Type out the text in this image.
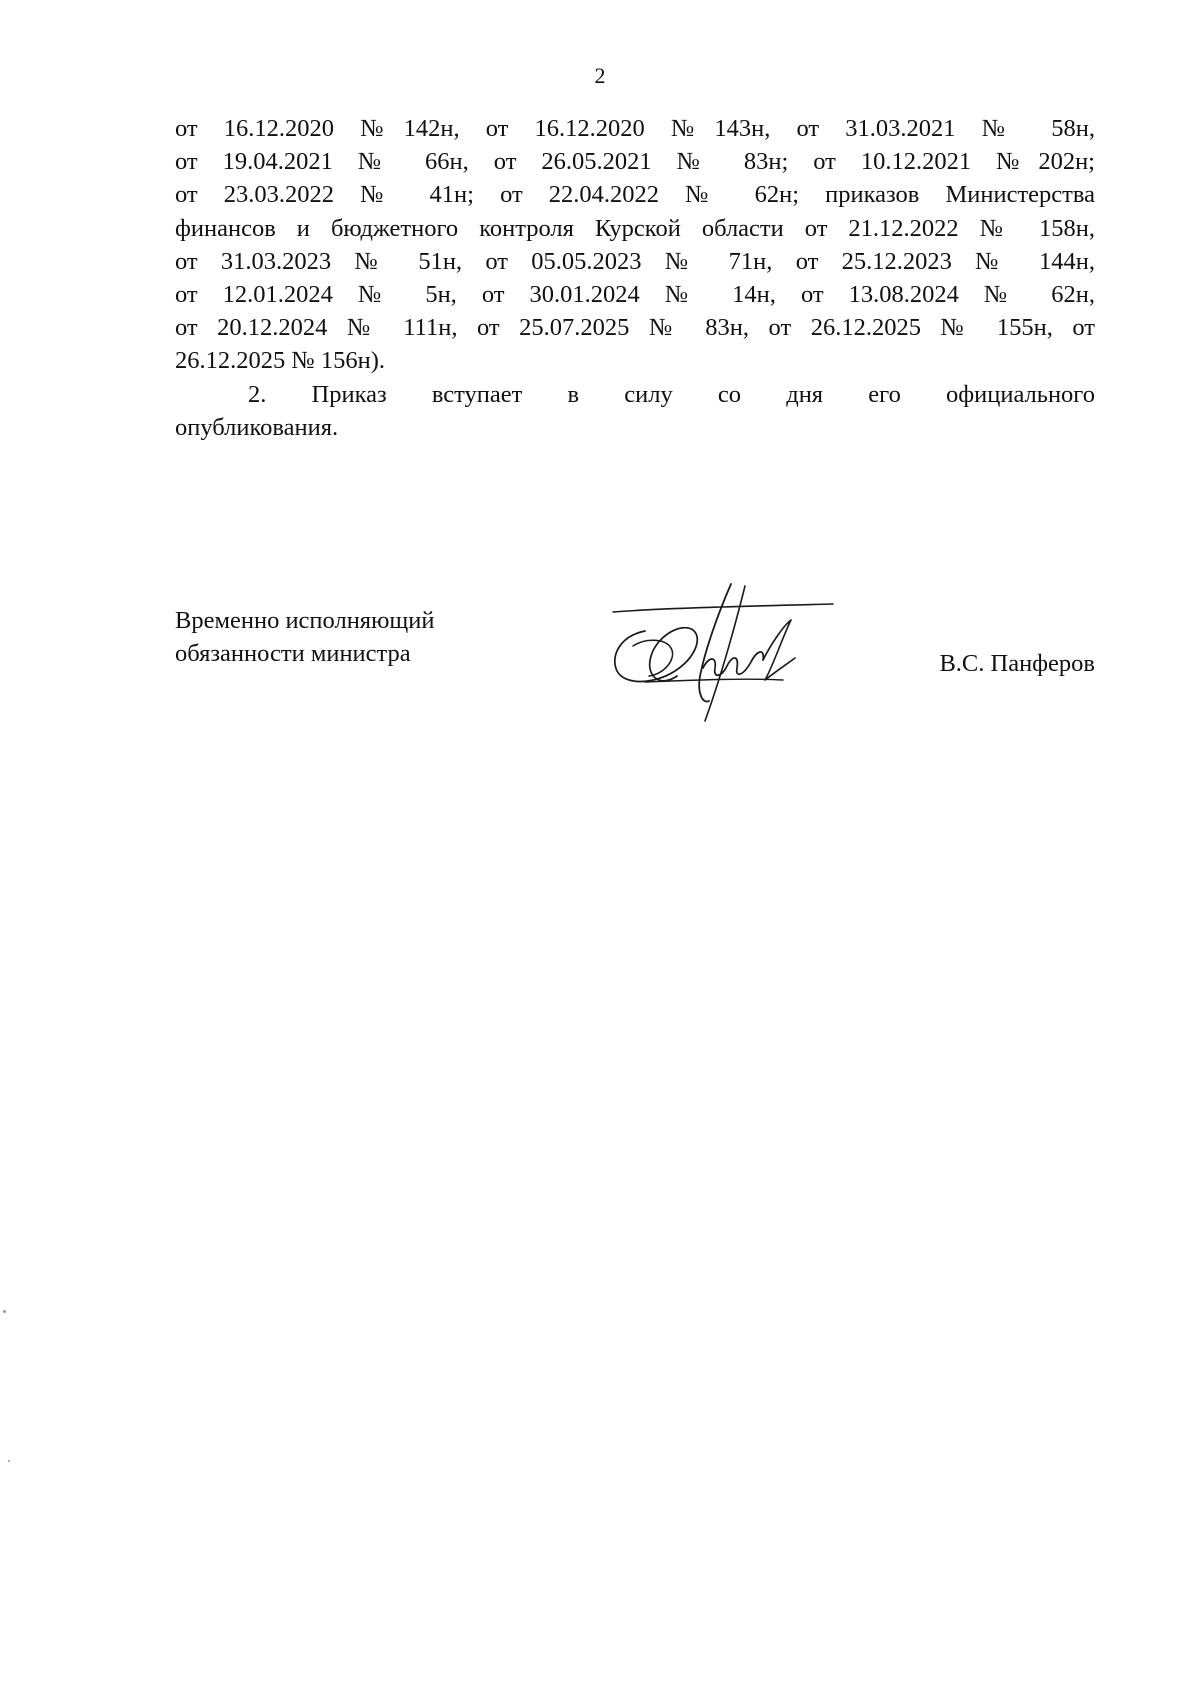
2
от 16.12.2020 №142н, от 16.12.2020 №143н, от 31.03.2021 № 58н,
от 19.04.2021 № 66н, от 26.05.2021 № 83н; от 10.12.2021 №202н;
от 23.03.2022 № 41н; от 22.04.2022 № 62н; приказов Министерства
финансов и бюджетного контроля Курской области от 21.12.2022 № 158н,
от 31.03.2023 № 51н, от 05.05.2023 № 71н, от 25.12.2023 № 144н,
от 12.01.2024 № 5н, от 30.01.2024 № 14н, от 13.08.2024 № 62н,
от 20.12.2024 № 111н, от 25.07.2025 № 83н, от 26.12.2025 № 155н, от
26.12.2025 № 156н).
2. Приказ вступает в силу со дня его официального
опубликования.
Временно исполняющий
обязанности министра	В.С. Панферов
